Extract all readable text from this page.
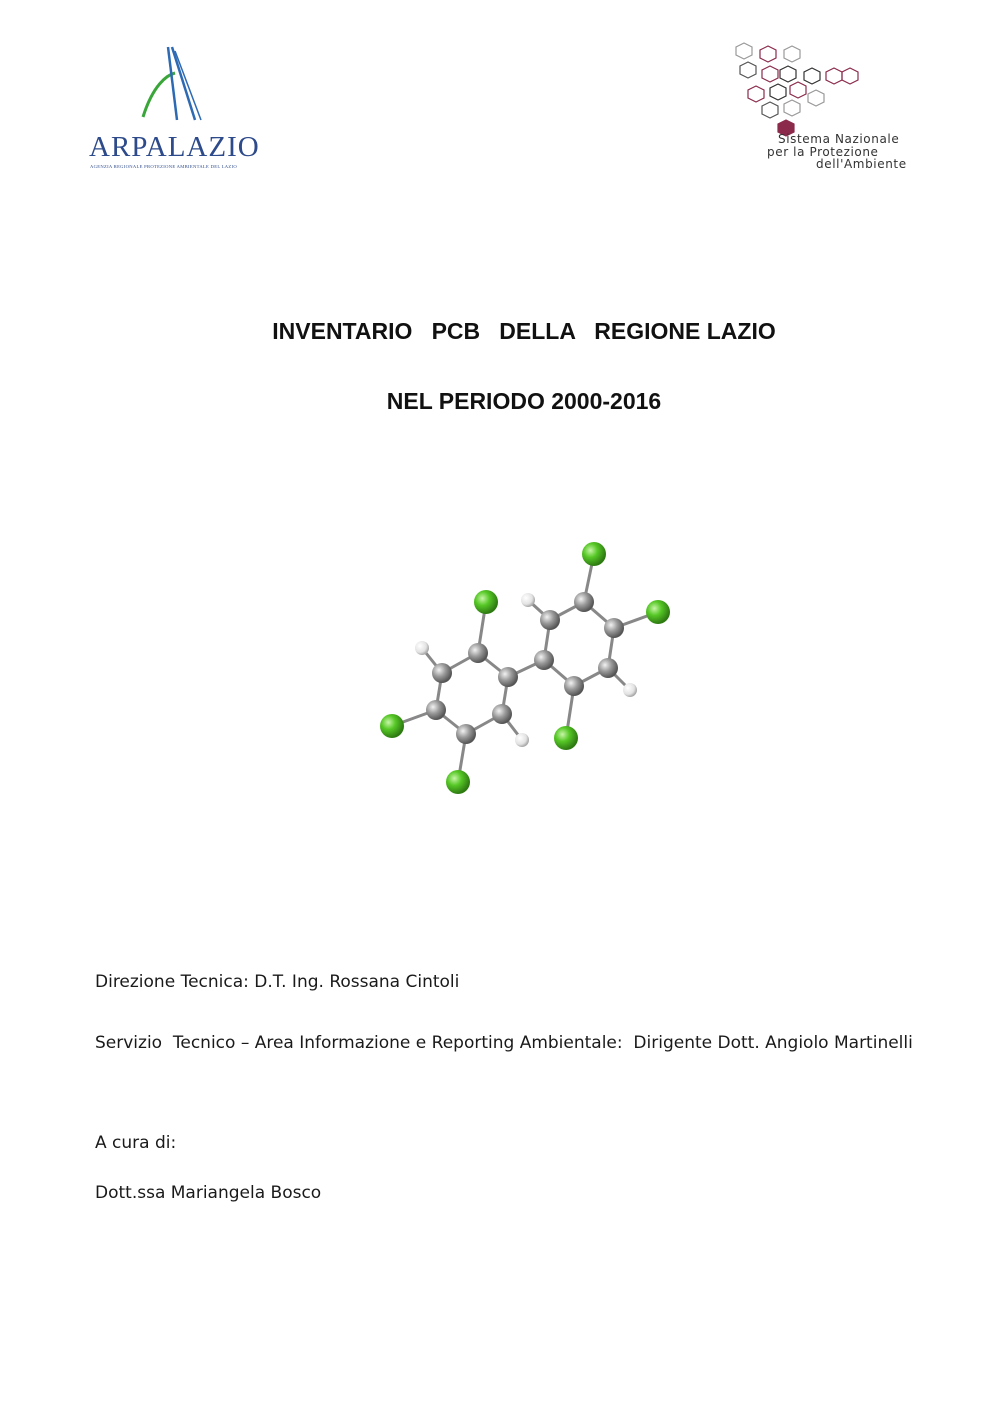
ARPALAZIO
AGENZIA REGIONALE PROTEZIONE AMBIENTALE DEL LAZIO
Sistema Nazionale
per la Protezione
dell'Ambiente
INVENTARIO   PCB   DELLA   REGIONE LAZIO
NEL PERIODO 2000-2016
Direzione Tecnica: D.T. Ing. Rossana Cintoli
Servizio  Tecnico – Area Informazione e Reporting Ambientale:  Dirigente Dott. Angiolo Martinelli
A cura di:
Dott.ssa Mariangela Bosco
